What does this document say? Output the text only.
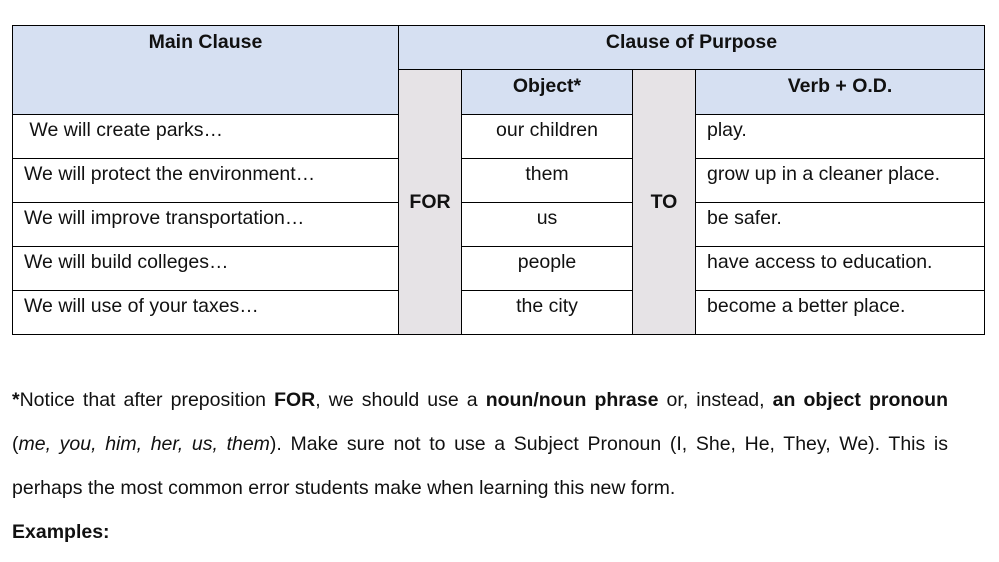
Main Clause	Clause of Purpose			
	FOR	Object*	TO	Verb + O.D.
We will create parks…		our children		play.
We will protect the environment…		them		grow up in a cleaner place.
We will improve transportation…		us		be safer.
We will build colleges…		people		have access to education.
We will use of your taxes…		the city		become a better place.

*Notice that after preposition FOR, we should use a noun/noun phrase or, instead, an object pronoun (me, you, him, her, us, them). Make sure not to use a Subject Pronoun (I, She, He, They, We). This is perhaps the most common error students make when learning this new form.

Examples:
